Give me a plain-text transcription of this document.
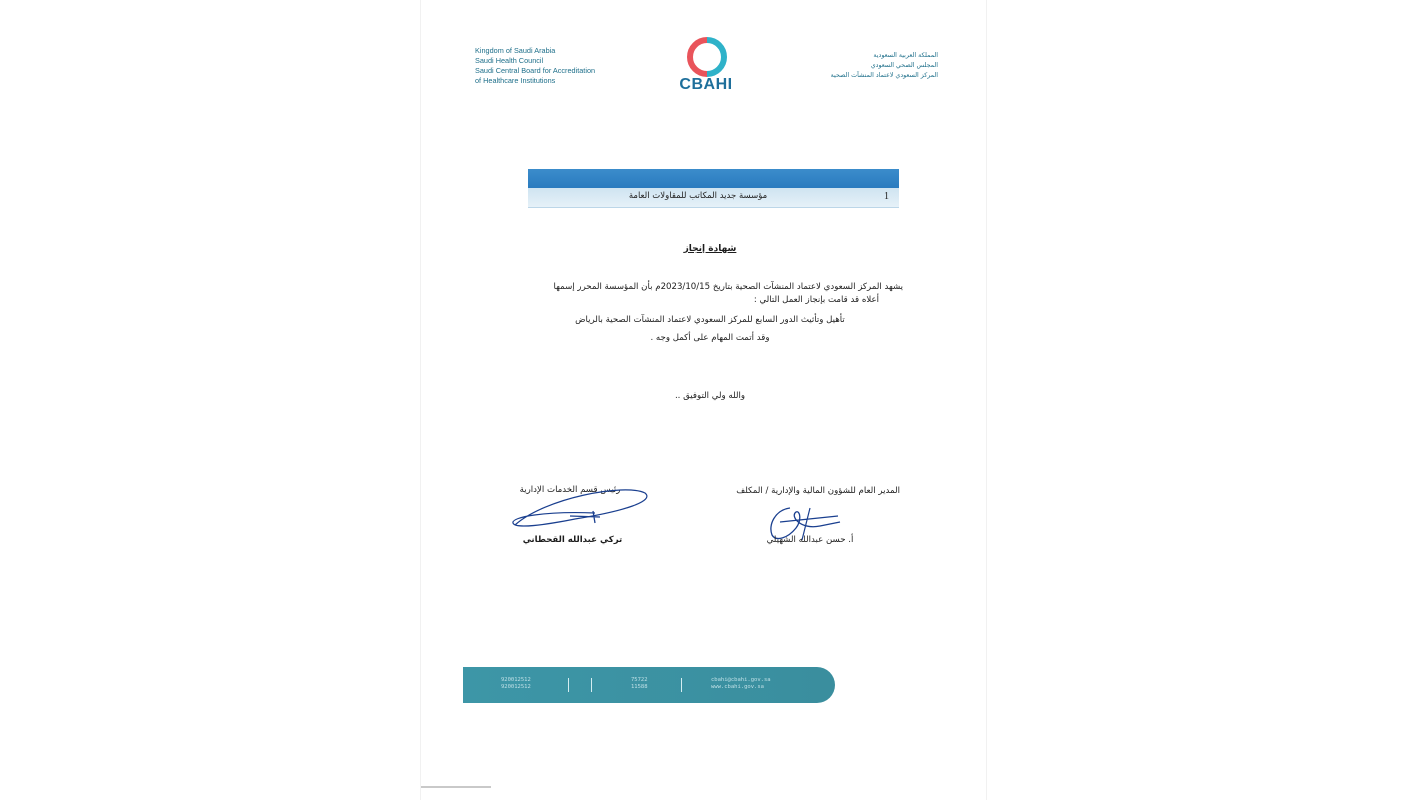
Kingdom of Saudi Arabia
Saudi Health Council
Saudi Central Board for Accreditation
of Healthcare Institutions	CBAHI
المملكة العربية السعودية
المجلس الصحي السعودي
المركز السعودي لاعتماد المنشآت الصحية
1
مؤسسة جديد المكاتب للمقاولات العامة
شهادة إنجاز
يشهد المركز السعودي لاعتماد المنشآت الصحية بتاريخ 2023/10/15م بأن المؤسسة المحرر إسمها
أعلاه قد قامت بإنجاز العمل التالي :
تأهيل وتأثيث الدور السابع للمركز السعودي لاعتماد المنشآت الصحية بالرياض
وقد أتمت المهام على أكمل وجه .
والله ولي التوفيق ..
المدير العام للشؤون المالية والإدارية / المكلف
رئيس قسم الخدمات الإدارية
أ. حسن عبدالله الشهيلي
تركي عبدالله القحطاني
920012512
920012512
75722
11588
cbahi@cbahi.gov.sa
www.cbahi.gov.sa
